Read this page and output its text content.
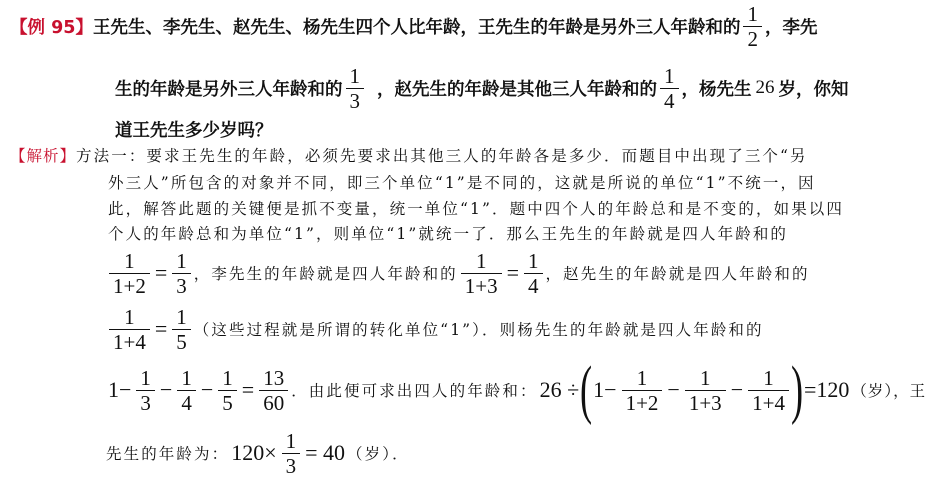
【例 95】 王先生、李先生、赵先生、杨先生四个人比年龄，王先生的年龄是另外三人年龄和的 $\frac{1}{2}$ ，李先
生的年龄是另外三人年龄和的 $\frac{1}{3}$ ，赵先生的年龄是其他三人年龄和的 $\frac{1}{4}$ ，杨先生 26 岁，你知
道王先生多少岁吗？
【解析】 方法一：要求王先生的年龄，必须先要求出其他三人的年龄各是多少．而题目中出现了三个“另
外三人”所包含的对象并不同，即三个单位“1”是不同的，这就是所说的单位“1”不统一，因
此，解答此题的关键便是抓不变量，统一单位“1”．题中四个人的年龄总和是不变的，如果以四
个人的年龄总和为单位“1”，则单位“1”就统一了．那么王先生的年龄就是四人年龄和的
$\frac{1}{1+2} = \frac{1}{3}$ ，李先生的年龄就是四人年龄和的 $\frac{1}{1+3} = \frac{1}{4}$ ，赵先生的年龄就是四人年龄和的
$\frac{1}{1+4} = \frac{1}{5}$ （这些过程就是所谓的转化单位“1”）．则杨先生的年龄就是四人年龄和的
$1- \frac{1}{3} - \frac{1}{4} - \frac{1}{5} = \frac{13}{60}$ ．由此便可求出四人的年龄和： 26 ÷ ( $1- \frac{1}{1+2} - \frac{1}{1+3} - \frac{1}{1+4}$ ) =120 （岁），王
先生的年龄为： $120\times \frac{1}{3} = 40$ （岁）．
